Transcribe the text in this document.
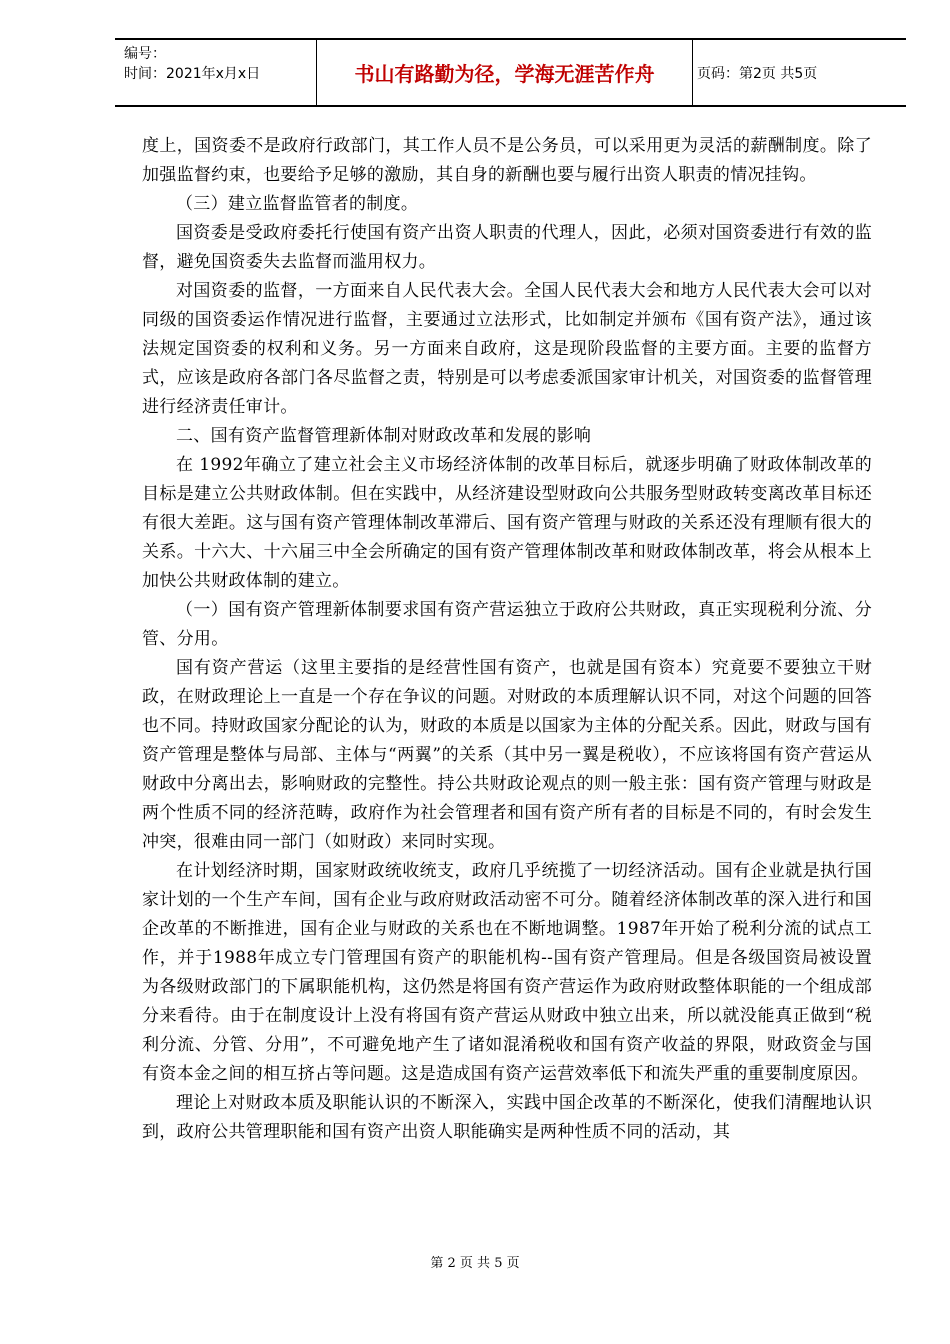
编号：
时间：2021年x月x日	书山有路勤为径，学海无涯苦作舟	页码：第2页 共5页

度上，国资委不是政府行政部门，其工作人员不是公务员，可以采用更为灵活的薪酬制度。除了加强监督约束，也要给予足够的激励，其自身的新酬也要与履行出资人职责的情况挂钩。

（三）建立监督监管者的制度。

国资委是受政府委托行使国有资产出资人职责的代理人，因此，必须对国资委进行有效的监督，避免国资委失去监督而滥用权力。

对国资委的监督，一方面来自人民代表大会。全国人民代表大会和地方人民代表大会可以对同级的国资委运作情况进行监督，主要通过立法形式，比如制定并颁布《国有资产法》，通过该法规定国资委的权利和义务。另一方面来自政府，这是现阶段监督的主要方面。主要的监督方式，应该是政府各部门各尽监督之责，特别是可以考虑委派国家审计机关，对国资委的监督管理进行经济责任审计。

二、国有资产监督管理新体制对财政改革和发展的影响

在 1992年确立了建立社会主义市场经济体制的改革目标后，就逐步明确了财政体制改革的目标是建立公共财政体制。但在实践中，从经济建设型财政向公共服务型财政转变离改革目标还有很大差距。这与国有资产管理体制改革滞后、国有资产管理与财政的关系还没有理顺有很大的关系。十六大、十六届三中全会所确定的国有资产管理体制改革和财政体制改革，将会从根本上加快公共财政体制的建立。

（一）国有资产管理新体制要求国有资产营运独立于政府公共财政，真正实现税利分流、分管、分用。

国有资产营运（这里主要指的是经营性国有资产，也就是国有资本）究竟要不要独立干财政，在财政理论上一直是一个存在争议的问题。对财政的本质理解认识不同，对这个问题的回答也不同。持财政国家分配论的认为，财政的本质是以国家为主体的分配关系。因此，财政与国有资产管理是整体与局部、主体与“两翼”的关系（其中另一翼是税收），不应该将国有资产营运从财政中分离出去，影响财政的完整性。持公共财政论观点的则一般主张：国有资产管理与财政是两个性质不同的经济范畴，政府作为社会管理者和国有资产所有者的目标是不同的，有时会发生冲突，很难由同一部门（如财政）来同时实现。

在计划经济时期，国家财政统收统支，政府几乎统揽了一切经济活动。国有企业就是执行国家计划的一个生产车间，国有企业与政府财政活动密不可分。随着经济体制改革的深入进行和国企改革的不断推进，国有企业与财政的关系也在不断地调整。1987年开始了税利分流的试点工作，并于1988年成立专门管理国有资产的职能机构--国有资产管理局。但是各级国资局被设置为各级财政部门的下属职能机构，这仍然是将国有资产营运作为政府财政整体职能的一个组成部分来看待。由于在制度设计上没有将国有资产营运从财政中独立出来，所以就没能真正做到“税利分流、分管、分用”，不可避免地产生了诸如混淆税收和国有资产收益的界限，财政资金与国有资本金之间的相互挤占等问题。这是造成国有资产运营效率低下和流失严重的重要制度原因。

理论上对财政本质及职能认识的不断深入，实践中国企改革的不断深化，使我们清醒地认识到，政府公共管理职能和国有资产出资人职能确实是两种性质不同的活动，其

第 2 页 共 5 页
